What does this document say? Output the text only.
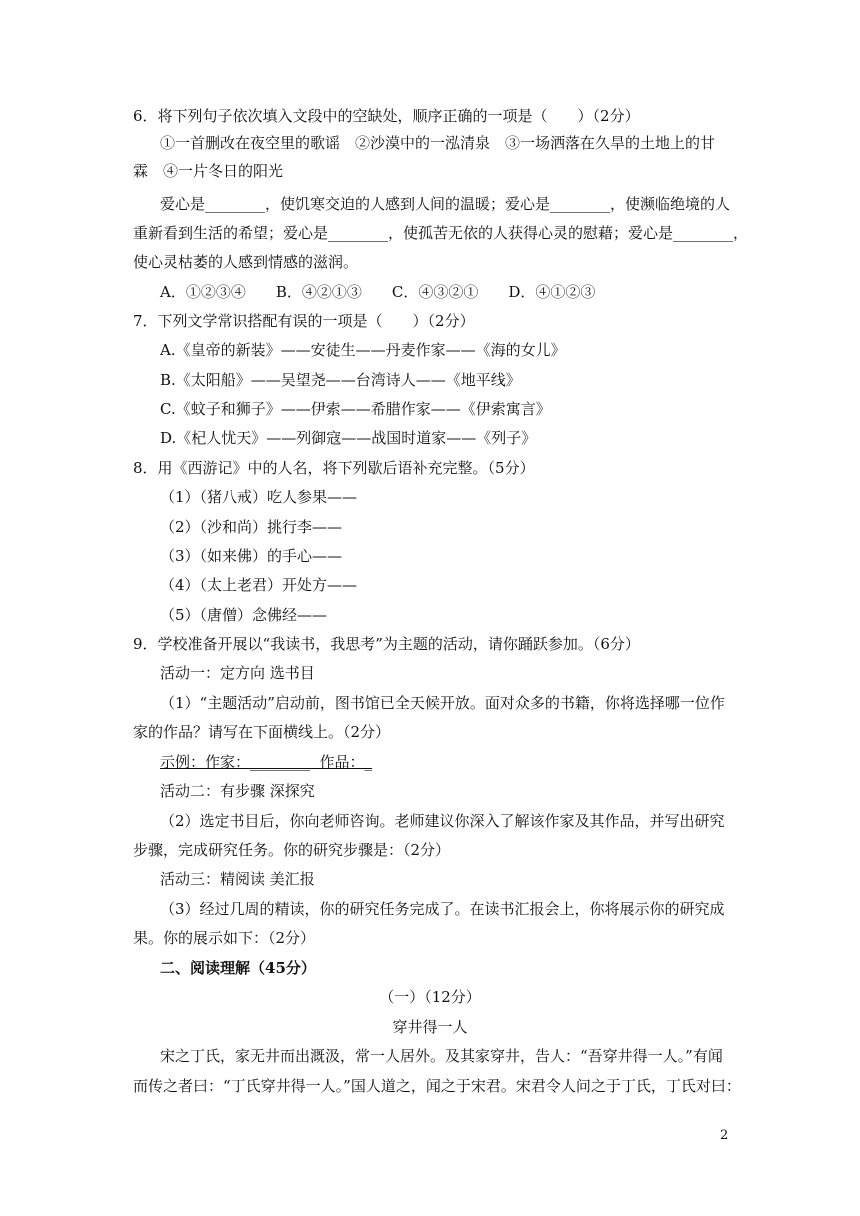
6．将下列句子依次填入文段中的空缺处，顺序正确的一项是（　　）（2分）
①一首删改在夜空里的歌谣　②沙漠中的一泓清泉　③一场洒落在久旱的土地上的甘
霖　④一片冬日的阳光
爱心是________，使饥寒交迫的人感到人间的温暖；爱心是________，使濒临绝境的人
重新看到生活的希望；爱心是________，使孤苦无依的人获得心灵的慰藉；爱心是________，
使心灵枯萎的人感到情感的滋润。
A．①②③④　　B．④②①③　　C．④③②①　　D．④①②③
7．下列文学常识搭配有误的一项是（　　）（2分）
A.《皇帝的新装》——安徒生——丹麦作家——《海的女儿》
B.《太阳船》——吴望尧——台湾诗人——《地平线》
C.《蚊子和狮子》——伊索——希腊作家——《伊索寓言》
D.《杞人忧天》——列御寇——战国时道家——《列子》
8．用《西游记》中的人名，将下列歇后语补充完整。（5分）
（1）（猪八戒）吃人参果——
（2）（沙和尚）挑行李——
（3）（如来佛）的手心——
（4）（太上老君）开处方——
（5）（唐僧）念佛经——
9．学校准备开展以“我读书，我思考”为主题的活动，请你踊跃参加。（6分）
活动一：定方向 选书目
（1）“主题活动”启动前，图书馆已全天候开放。面对众多的书籍，你将选择哪一位作
家的作品？请写在下面横线上。（2分）
示例：作家：________  作品：_
活动二：有步骤 深探究
（2）选定书目后，你向老师咨询。老师建议你深入了解该作家及其作品，并写出研究
步骤，完成研究任务。你的研究步骤是：（2分）
活动三：精阅读 美汇报
（3）经过几周的精读，你的研究任务完成了。在读书汇报会上，你将展示你的研究成
果。你的展示如下：（2分）
二、阅读理解（45分）
（一）（12分）
穿井得一人
宋之丁氏，家无井而出溉汲，常一人居外。及其家穿井，告人：“吾穿井得一人。”有闻
而传之者曰：“丁氏穿井得一人。”国人道之，闻之于宋君。宋君令人问之于丁氏，丁氏对曰：
2
